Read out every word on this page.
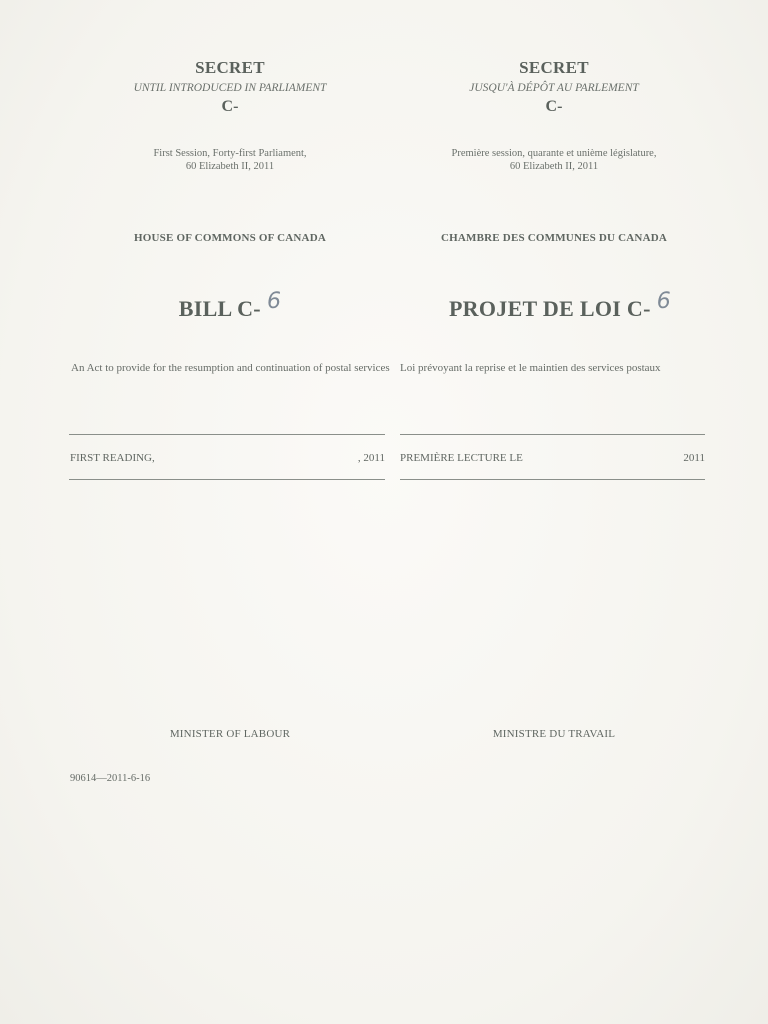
SECRET
UNTIL INTRODUCED IN PARLIAMENT
C-
First Session, Forty-first Parliament,
60 Elizabeth II, 2011
HOUSE OF COMMONS OF CANADA
BILL C- 6
An Act to provide for the resumption and continuation of postal services
FIRST READING,	, 2011
MINISTER OF LABOUR
90614—2011-6-16
SECRET
JUSQU'À DÉPÔT AU PARLEMENT
C-
Première session, quarante et unième législature,
60 Elizabeth II, 2011
CHAMBRE DES COMMUNES DU CANADA
PROJET DE LOI C- 6
Loi prévoyant la reprise et le maintien des services postaux
PREMIÈRE LECTURE LE	2011
MINISTRE DU TRAVAIL
